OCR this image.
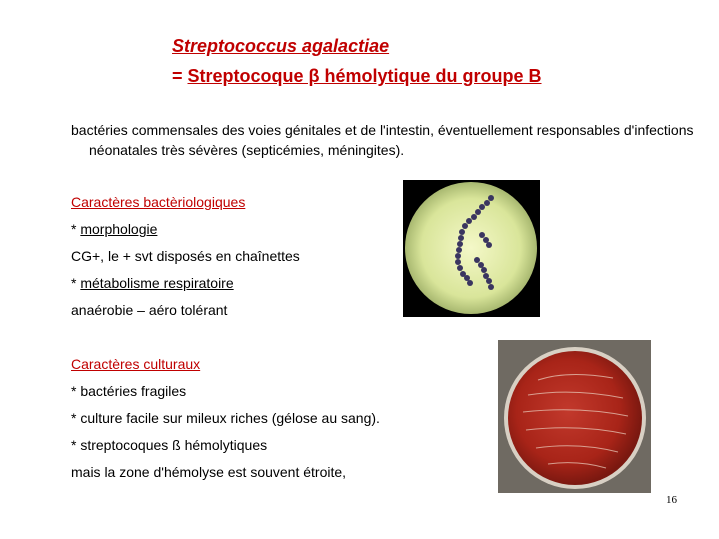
Streptococcus agalactiae
= Streptocoque β hémolytique du groupe B
bactéries commensales des voies génitales et de l'intestin, éventuellement responsables d'infections néonatales très sévères (septicémies, méningites).
Caractères bactèriologiques
* morphologie
CG+, le + svt disposés en chaînettes
* métabolisme respiratoire
anaérobie – aéro tolérant
Caractères culturaux
* bactéries fragiles
* culture facile sur mileux riches (gélose au sang).
* streptocoques ß hémolytiques
mais la zone d'hémolyse est souvent étroite,
16
